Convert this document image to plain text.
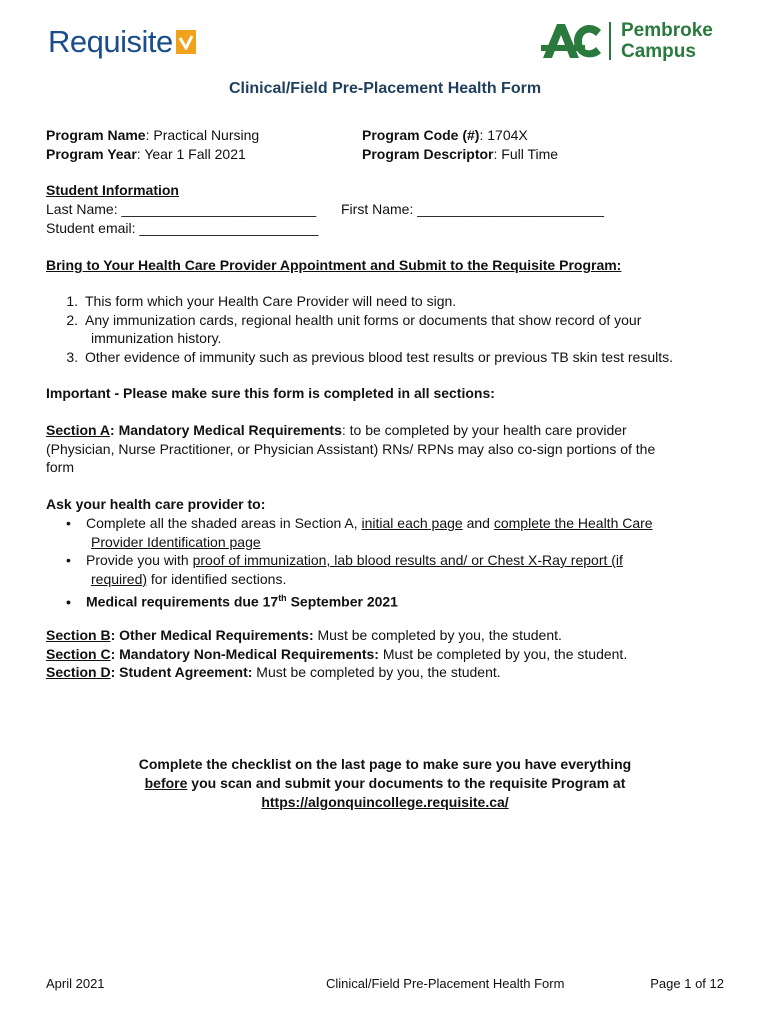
Requisite	Pembroke
Campus
Clinical/Field Pre-Placement Health Form
Program Name: Practical Nursing
Program Year: Year 1 Fall 2021
Program Code (#): 1704X
Program Descriptor: Full Time
Student Information
Last Name: _________________________ First Name: ________________________
Student email: _______________________
Bring to Your Health Care Provider Appointment and Submit to the Requisite Program:
1. This form which your Health Care Provider will need to sign.
2. Any immunization cards, regional health unit forms or documents that show record of your
immunization history.
3. Other evidence of immunity such as previous blood test results or previous TB skin test results.
Important - Please make sure this form is completed in all sections:
Section A: Mandatory Medical Requirements: to be completed by your health care provider
(Physician, Nurse Practitioner, or Physician Assistant) RNs/ RPNs may also co-sign portions of the
form
Ask your health care provider to:
• Complete all the shaded areas in Section A, initial each page and complete the Health Care
Provider Identification page
• Provide you with proof of immunization, lab blood results and/ or Chest X-Ray report (if
required) for identified sections.
• Medical requirements due 17th September 2021
Section B: Other Medical Requirements: Must be completed by you, the student.
Section C: Mandatory Non-Medical Requirements: Must be completed by you, the student.
Section D: Student Agreement: Must be completed by you, the student.
Complete the checklist on the last page to make sure you have everything
before you scan and submit your documents to the requisite Program at
https://algonquincollege.requisite.ca/
April 2021	Clinical/Field Pre-Placement Health Form	Page 1 of 12
